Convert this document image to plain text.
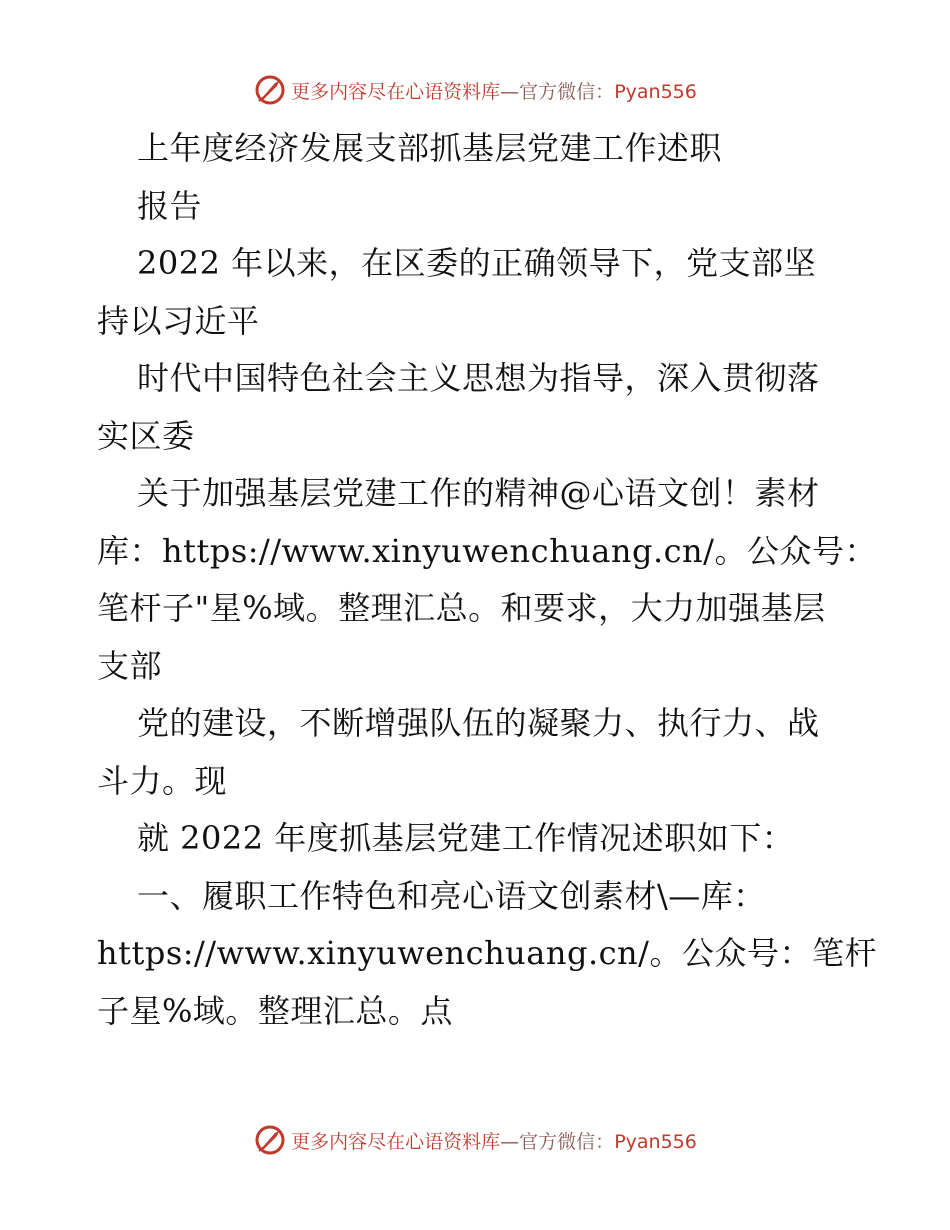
更多内容尽在心语资料库—官方微信：Pyan556
上年度经济发展支部抓基层党建工作述职
报告
2022 年以来，在区委的正确领导下，党支部坚
持以习近平
时代中国特色社会主义思想为指导，深入贯彻落
实区委
关于加强基层党建工作的精神@心语文创！素材
库：https://www.xinyuwenchuang.cn/。公众号：
笔杆子"星%域。整理汇总。和要求，大力加强基层
支部
党的建设，不断增强队伍的凝聚力、执行力、战
斗力。现
就 2022 年度抓基层党建工作情况述职如下：
一、履职工作特色和亮心语文创素材\—库：
https://www.xinyuwenchuang.cn/。公众号：笔杆
子星%域。整理汇总。点
更多内容尽在心语资料库—官方微信：Pyan556
